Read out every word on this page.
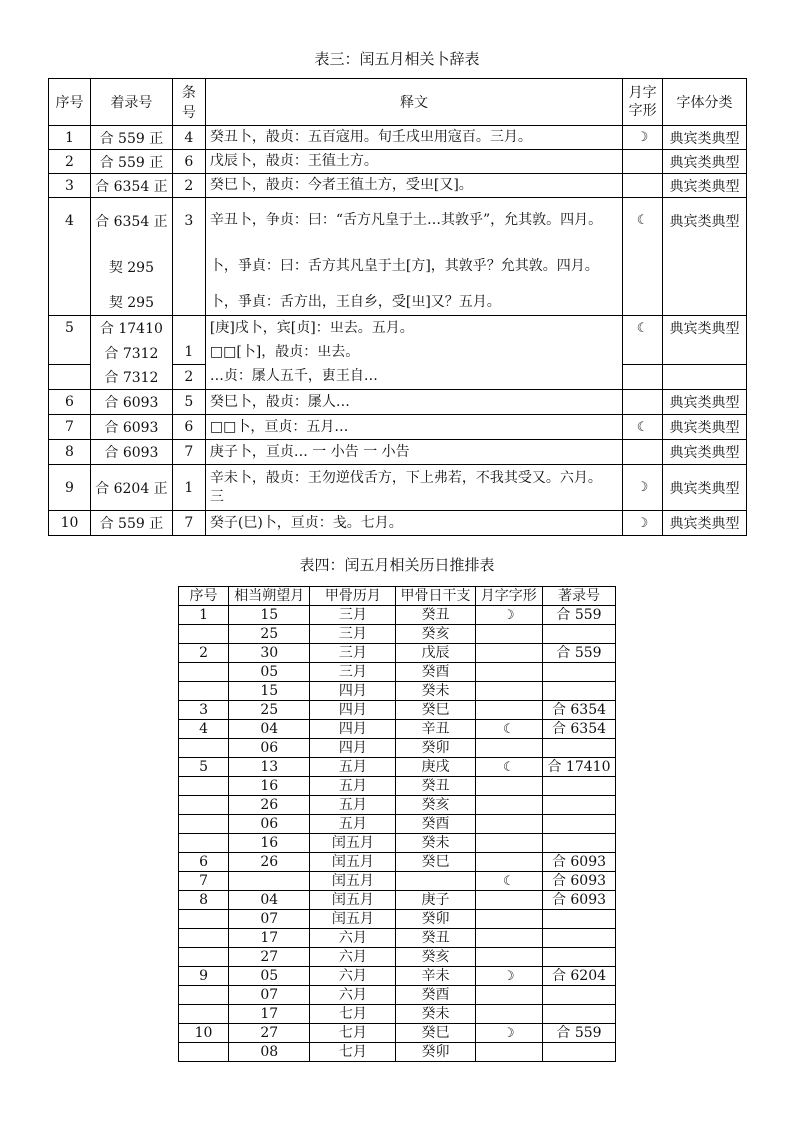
表三：闰五月相关卜辞表
序号	着录号	条号	释文	月字字形	字体分类
1	合 559 正	4	癸丑卜，㱿贞：五百寇用。旬壬戌㞢用寇百。三月。	☽	典宾类典型
2	合 559 正	6	戊辰卜，㱿贞：王徝土方。		典宾类典型
3	合 6354 正	2	癸巳卜，㱿贞：今者王徝土方，受㞢[又]。		典宾类典型
4	合 6354 正	3	辛丑卜，争贞：曰：“舌方凡皇于土…其敦乎”，允其敦。四月。	☾	典宾类典型
	契 295		卜，爭貞：曰：舌方其凡皇于土[方]，其敦乎？允其敦。四月。		
	契 295		卜，爭貞：舌方出，王自乡，受[㞢]又？五月。		
5	合 17410		[庚]戌卜，宾[贞]：㞢去。五月。	☾	典宾类典型
	合 7312	1	□□[卜]，㱿贞：㞢去。		
	合 7312	2	…贞：㞙人五千，叀王自…		
6	合 6093	5	癸巳卜，㱿贞：㞙人…		典宾类典型
7	合 6093	6	□□卜，亘贞：五月…	☾	典宾类典型
8	合 6093	7	庚子卜，亘贞… 一 小告 一 小告		典宾类典型
9	合 6204 正	1	辛未卜，㱿贞：王勿逆伐舌方，下上弗若，不我其受又。六月。 三	☽	典宾类典型
10	合 559 正	7	癸子(巳)卜，亘贞：戋。七月。	☽	典宾类典型
表四：闰五月相关历日推排表
序号	相当朔望月	甲骨历月	甲骨日干支	月字字形	著录号
1	15	三月	癸丑	☽	合 559
	25	三月	癸亥		
2	30	三月	戊辰		合 559
	05	三月	癸酉		
	15	四月	癸未		
3	25	四月	癸巳		合 6354
4	04	四月	辛丑	☾	合 6354
	06	四月	癸卯		
5	13	五月	庚戌	☾	合 17410
	16	五月	癸丑		
	26	五月	癸亥		
	06	五月	癸酉		
	16	闰五月	癸未		
6	26	闰五月	癸巳		合 6093
7		闰五月		☾	合 6093
8	04	闰五月	庚子		合 6093
	07	闰五月	癸卯		
	17	六月	癸丑		
	27	六月	癸亥		
9	05	六月	辛未	☽	合 6204
	07	六月	癸酉		
	17	七月	癸未		
10	27	七月	癸巳	☽	合 559
	08	七月	癸卯		
